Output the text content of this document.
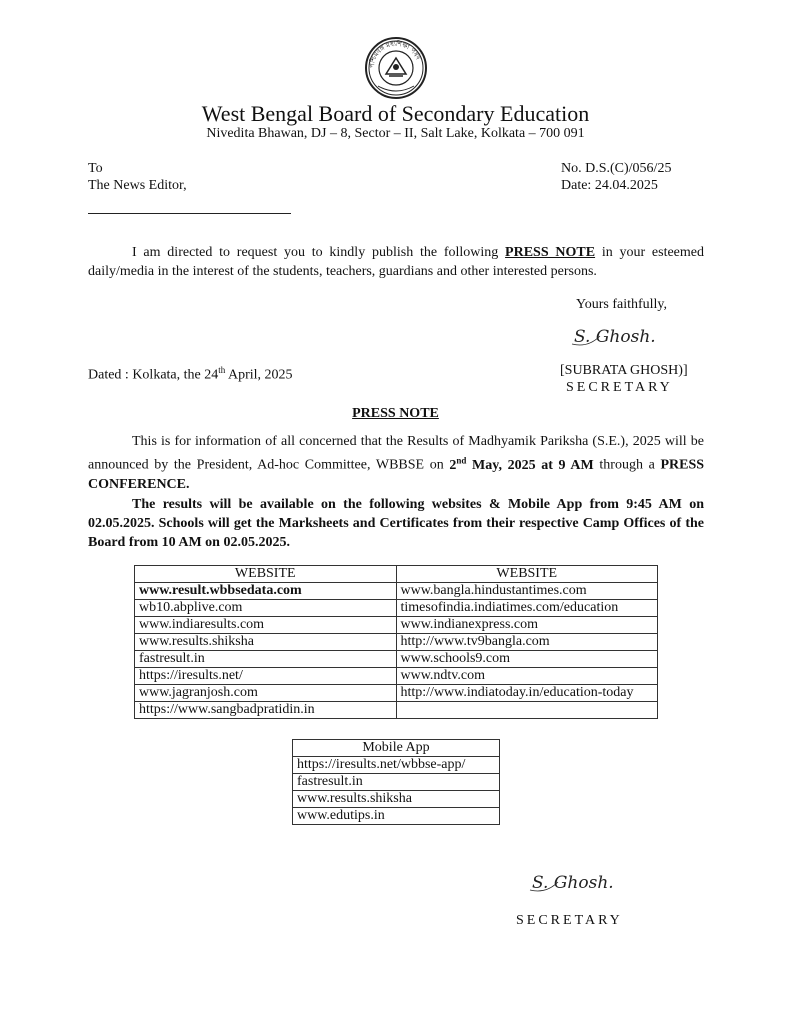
পশ্চিমবঙ্গ মধ্যশিক্ষা পর্ষদ
West Bengal Board of Secondary Education
Nivedita Bhawan, DJ – 8, Sector – II, Salt Lake, Kolkata – 700 091
To
The News Editor,
No. D.S.(C)/056/25
Date: 24.04.2025
I am directed to request you to kindly publish the following PRESS NOTE in your esteemed daily/media in the interest of the students, teachers, guardians and other interested persons.
Yours faithfully,
S. Ghosh.
Dated : Kolkata, the 24th April, 2025	[SUBRATA GHOSH)]
SECRETARY
PRESS NOTE
This is for information of all concerned that the Results of Madhyamik Pariksha (S.E.), 2025 will be announced by the President, Ad-hoc Committee, WBBSE on 2nd May, 2025 at 9 AM through a PRESS CONFERENCE.
The results will be available on the following websites & Mobile App from 9:45 AM on 02.05.2025. Schools will get the Marksheets and Certificates from their respective Camp Offices of the Board from 10 AM on 02.05.2025.
WEBSITE	WEBSITE
www.result.wbbsedata.com	www.bangla.hindustantimes.com
wb10.abplive.com	timesofindia.indiatimes.com/education
www.indiaresults.com	www.indianexpress.com
www.results.shiksha	http://www.tv9bangla.com
fastresult.in	www.schools9.com
https://iresults.net/	www.ndtv.com
www.jagranjosh.com	http://www.indiatoday.in/education-today
https://www.sangbadpratidin.in	
Mobile App
https://iresults.net/wbbse-app/
fastresult.in
www.results.shiksha
www.edutips.in
S. Ghosh.
SECRETARY
